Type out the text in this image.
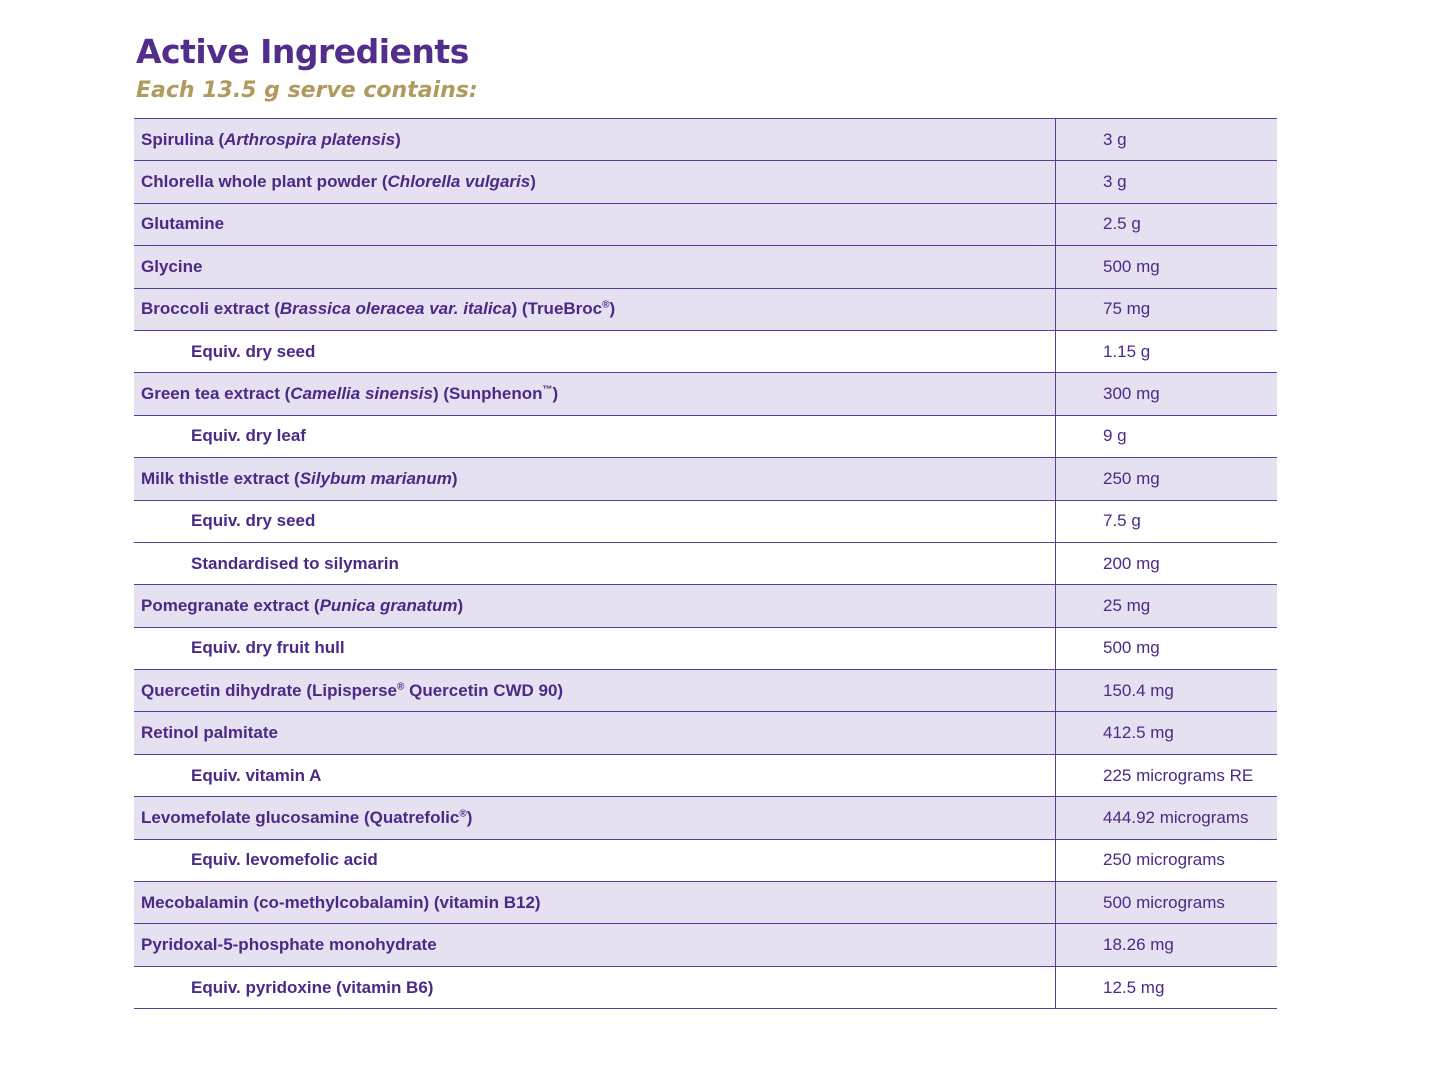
Active Ingredients
Each 13.5 g serve contains:
Spirulina (Arthrospira platensis)	3 g
Chlorella whole plant powder (Chlorella vulgaris)	3 g
Glutamine	2.5 g
Glycine	500 mg
Broccoli extract (Brassica oleracea var. italica) (TrueBroc®)	75 mg
Equiv. dry seed	1.15 g
Green tea extract (Camellia sinensis) (Sunphenon™)	300 mg
Equiv. dry leaf	9 g
Milk thistle extract (Silybum marianum)	250 mg
Equiv. dry seed	7.5 g
Standardised to silymarin	200 mg
Pomegranate extract (Punica granatum)	25 mg
Equiv. dry fruit hull	500 mg
Quercetin dihydrate (Lipisperse® Quercetin CWD 90)	150.4 mg
Retinol palmitate	412.5 mg
Equiv. vitamin A	225 micrograms RE
Levomefolate glucosamine (Quatrefolic®)	444.92 micrograms
Equiv. levomefolic acid	250 micrograms
Mecobalamin (co-methylcobalamin) (vitamin B12)	500 micrograms
Pyridoxal-5-phosphate monohydrate	18.26 mg
Equiv. pyridoxine (vitamin B6)	12.5 mg
